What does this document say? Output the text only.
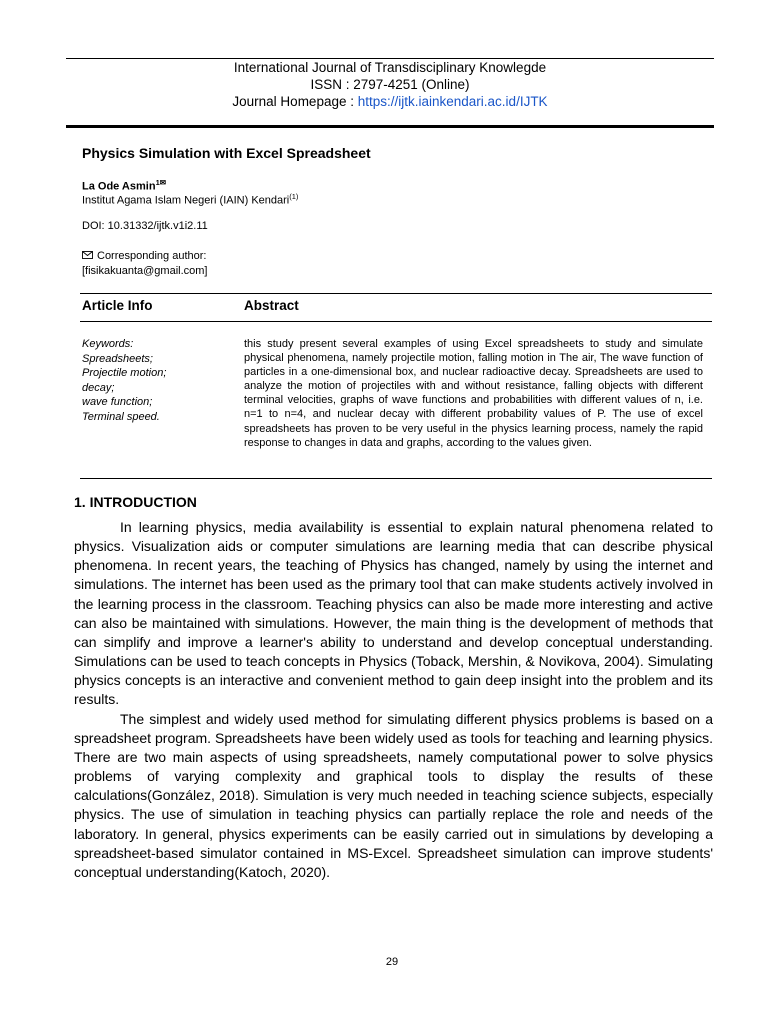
International Journal of Transdisciplinary Knowlegde
ISSN : 2797-4251 (Online)
Journal Homepage : https://ijtk.iainkendari.ac.id/IJTK
Physics Simulation with Excel Spreadsheet
La Ode Asmin$^{1✉}$
Institut Agama Islam Negeri (IAIN) Kendari$^{(1)}$
DOI: 10.31332/ijtk.v1i2.11
Corresponding author:
[fisikakuanta@gmail.com]
Article Info	Abstract
Keywords:
Spreadsheets;
Projectile motion;
decay;
wave function;
Terminal speed.
this study present several examples of using Excel spreadsheets to study and simulate physical phenomena, namely projectile motion, falling motion in The air, The wave function of particles in a one-dimensional box, and nuclear radioactive decay. Spreadsheets are used to analyze the motion of projectiles with and without resistance, falling objects with different terminal velocities, graphs of wave functions and probabilities with different values of n, i.e. n=1 to n=4, and nuclear decay with different probability values of P. The use of excel spreadsheets has proven to be very useful in the physics learning process, namely the rapid response to changes in data and graphs, according to the values given.
1. INTRODUCTION

In learning physics, media availability is essential to explain natural phenomena related to physics. Visualization aids or computer simulations are learning media that can describe physical phenomena. In recent years, the teaching of Physics has changed, namely by using the internet and simulations. The internet has been used as the primary tool that can make students actively involved in the learning process in the classroom. Teaching physics can also be made more interesting and active can also be maintained with simulations. However, the main thing is the development of methods that can simplify and improve a learner's ability to understand and develop conceptual understanding. Simulations can be used to teach concepts in Physics (Toback, Mershin, & Novikova, 2004). Simulating physics concepts is an interactive and convenient method to gain deep insight into the problem and its results.

The simplest and widely used method for simulating different physics problems is based on a spreadsheet program. Spreadsheets have been widely used as tools for teaching and learning physics. There are two main aspects of using spreadsheets, namely computational power to solve physics problems of varying complexity and graphical tools to display the results of these calculations(González, 2018). Simulation is very much needed in teaching science subjects, especially physics. The use of simulation in teaching physics can partially replace the role and needs of the laboratory. In general, physics experiments can be easily carried out in simulations by developing a spreadsheet-based simulator contained in MS-Excel. Spreadsheet simulation can improve students' conceptual understanding(Katoch, 2020).

29
